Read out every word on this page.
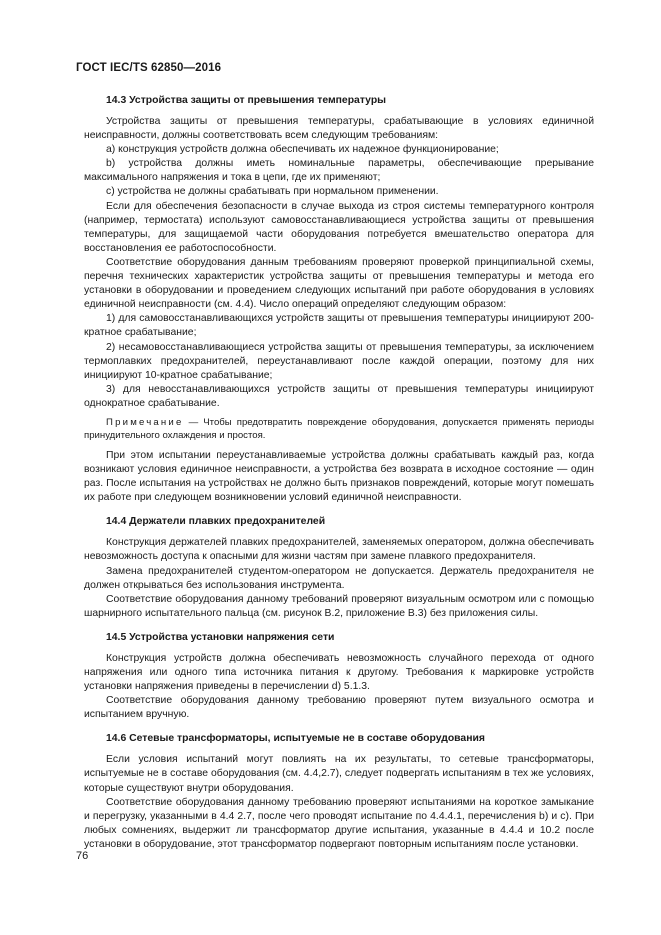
ГОСТ IEC/TS 62850—2016
14.3 Устройства защиты от превышения температуры

Устройства защиты от превышения температуры, срабатывающие в условиях единичной неисправности, должны соответствовать всем следующим требованиям:

a) конструкция устройств должна обеспечивать их надежное функционирование;

b) устройства должны иметь номинальные параметры, обеспечивающие прерывание максимального напряжения и тока в цепи, где их применяют;

c) устройства не должны срабатывать при нормальном применении.

Если для обеспечения безопасности в случае выхода из строя системы температурного контроля (например, термостата) используют самовосстанавливающиеся устройства защиты от превышения температуры, для защищаемой части оборудования потребуется вмешательство оператора для восстановления ее работоспособности.

Соответствие оборудования данным требованиям проверяют проверкой принципиальной схемы, перечня технических характеристик устройства защиты от превышения температуры и метода его установки в оборудовании и проведением следующих испытаний при работе оборудования в условиях единичной неисправности (см. 4.4). Число операций определяют следующим образом:

1) для самовосстанавливающихся устройств защиты от превышения температуры инициируют 200-кратное срабатывание;

2) несамовосстанавливающиеся устройства защиты от превышения температуры, за исключением термоплавких предохранителей, переустанавливают после каждой операции, поэтому для них инициируют 10-кратное срабатывание;

3) для невосстанавливающихся устройств защиты от превышения температуры инициируют однократное срабатывание.

Примечание — Чтобы предотвратить повреждение оборудования, допускается применять периоды принудительного охлаждения и простоя.

При этом испытании переустанавливаемые устройства должны срабатывать каждый раз, когда возникают условия единичное неисправности, а устройства без возврата в исходное состояние — один раз. После испытания на устройствах не должно быть признаков повреждений, которые могут помешать их работе при следующем возникновении условий единичной неисправности.

14.4 Держатели плавких предохранителей

Конструкция держателей плавких предохранителей, заменяемых оператором, должна обеспечивать невозможность доступа к опасными для жизни частям при замене плавкого предохранителя.

Замена предохранителей студентом-оператором не допускается. Держатель предохранителя не должен открываться без использования инструмента.

Соответствие оборудования данному требований проверяют визуальным осмотром или с помощью шарнирного испытательного пальца (см. рисунок В.2, приложение В.3) без приложения силы.

14.5 Устройства установки напряжения сети

Конструкция устройств должна обеспечивать невозможность случайного перехода от одного напряжения или одного типа источника питания к другому. Требования к маркировке устройств установки напряжения приведены в перечислении d) 5.1.3.

Соответствие оборудования данному требованию проверяют путем визуального осмотра и испытанием вручную.

14.6 Сетевые трансформаторы, испытуемые не в составе оборудования

Если условия испытаний могут повлиять на их результаты, то сетевые трансформаторы, испытуемые не в составе оборудования (см. 4.4,2.7), следует подвергать испытаниям в тех же условиях, которые существуют внутри оборудования.

Соответствие оборудования данному требованию проверяют испытаниями на короткое замыкание и перегрузку, указанными в 4.4 2.7, после чего проводят испытание по 4.4.4.1, перечисления b) и c). При любых сомнениях, выдержит ли трансформатор другие испытания, указанные в 4.4.4 и 10.2 после установки в оборудование, этот трансформатор подвергают повторным испытаниям после установки.

76
